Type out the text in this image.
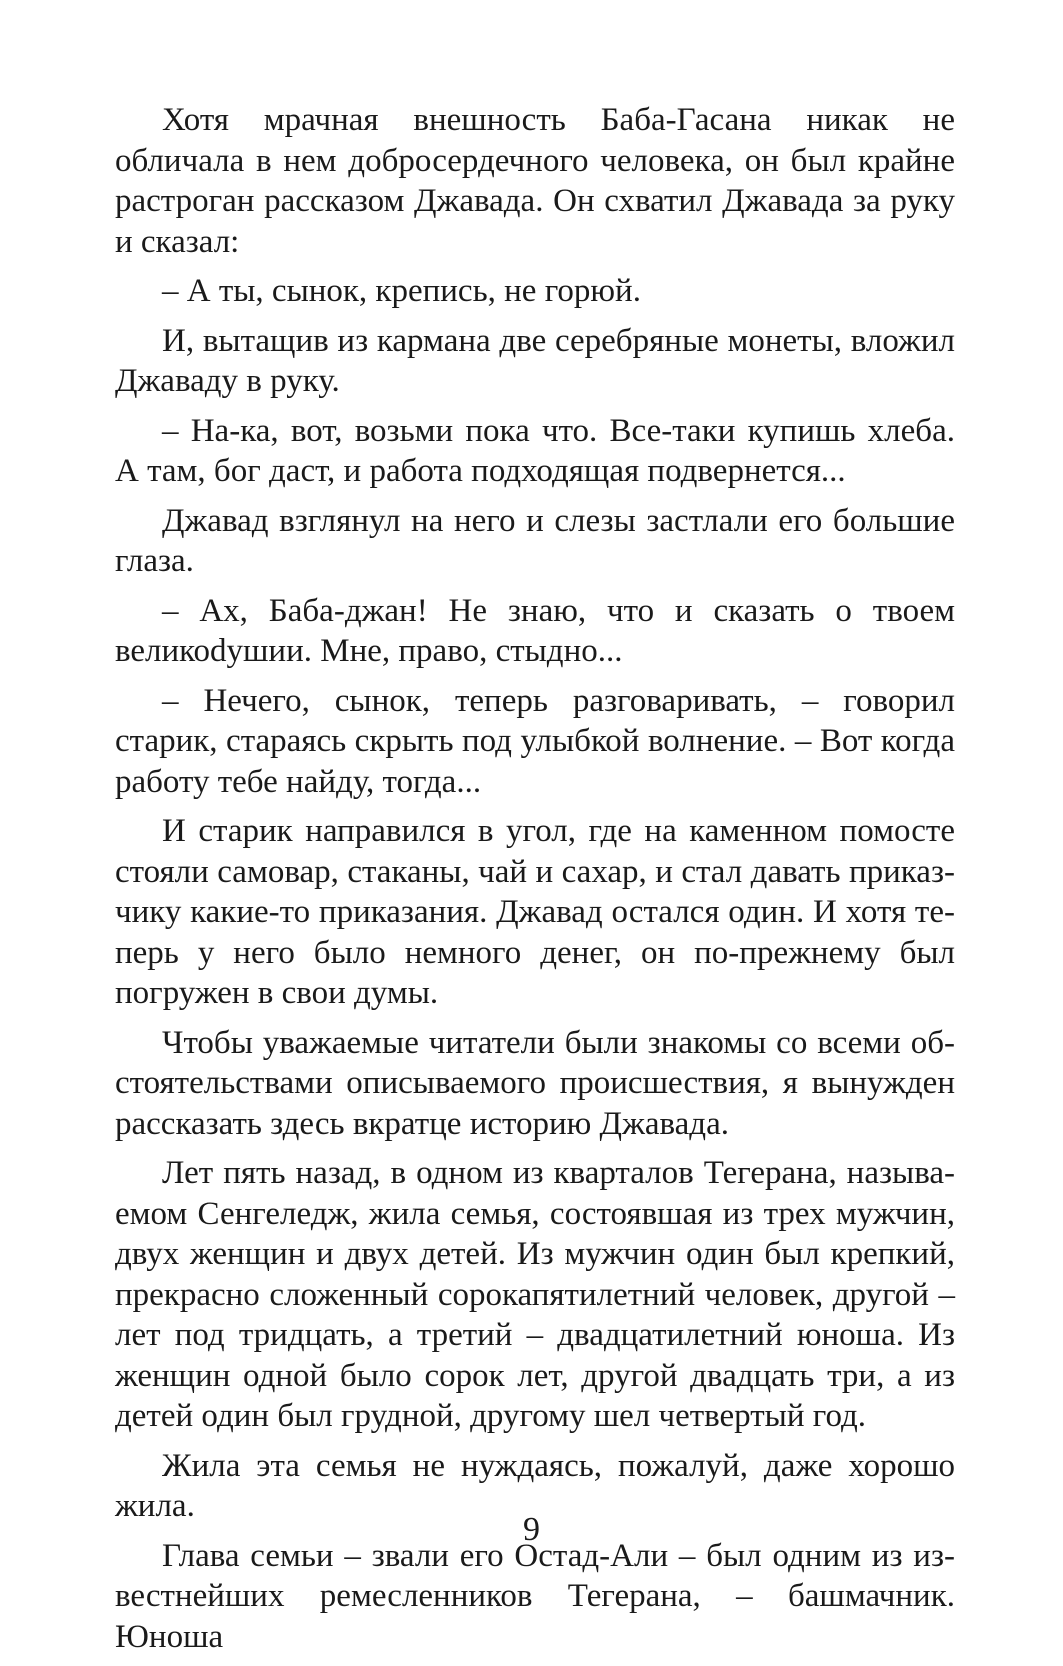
Хотя мрачная внешность Баба-Гасана никак не обличала в нем добросердечного человека, он был крайне растроган рассказом Джавада. Он схватил Джавада за руку и сказал:

– А ты, сынок, крепись, не горюй.

И, вытащив из кармана две серебряные монеты, вложил Джаваду в руку.

– На-ка, вот, возьми пока что. Все-таки купишь хлеба. А там, бог даст, и работа подходящая подвернется...

Джавад взглянул на него и слезы застлали его большие глаза.

– Ах, Баба-джан! Не знаю, что и сказать о твоем великоdушии. Мне, право, стыдно...

– Нечего, сынок, теперь разговаривать, – говорил старик, стараясь скрыть под улыбкой волнение. – Вот когда работу тебе найду, тогда...

И старик направился в угол, где на каменном помосте стояли самовар, стаканы, чай и сахар, и стал давать приказчику какие-то приказания. Джавад остался один. И хотя теперь у него было немного денег, он по-прежнему был погружен в свои думы.

Чтобы уважаемые читатели были знакомы со всеми обстоятельствами описываемого происшествия, я вынужден рассказать здесь вкратце историю Джавада.

Лет пять назад, в одном из кварталов Тегерана, называемом Сенгеледж, жила семья, состоявшая из трех мужчин, двух женщин и двух детей. Из мужчин один был крепкий, прекрасно сложенный сорокапятилетний человек, другой – лет под тридцать, а третий – двадцатилетний юноша. Из женщин одной было сорок лет, другой двадцать три, а из детей один был грудной, другому шел четвертый год.

Жила эта семья не нуждаясь, пожалуй, даже хорошо жила.

Глава семьи – звали его Остад-Али – был одним из известнейших ремесленников Тегерана, – башмачник. Юноша

9
